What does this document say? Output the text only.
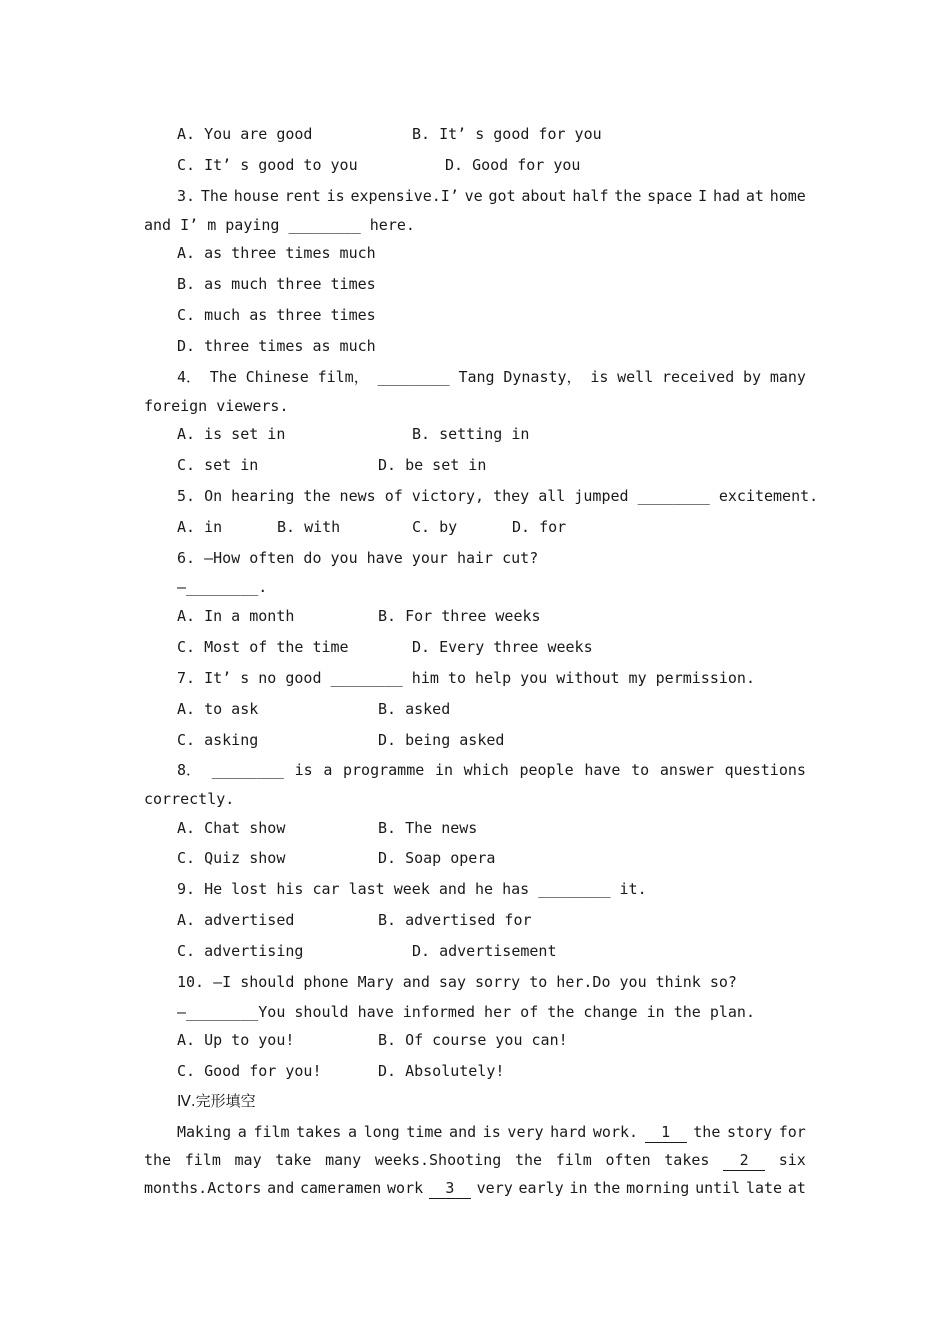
A. You are good	B. It’ s good for you
C. It’ s good to you	D. Good for you
3. The house rent is expensive.I’ ve got about half the space I had at home
and I’ m paying ________ here.
A. as three times much
B. as much three times
C. much as three times
D. three times as much
4． The Chinese film， ________ Tang Dynasty， is well received by many
foreign viewers.
A. is set in	B. setting in
C. set in	D. be set in
5. On hearing the news of victory, they all jumped ________ excitement.
A. in	B. with	C. by	D. for
6. —How often do you have your hair cut?
—________.
A. In a month	B. For three weeks
C. Most of the time	D. Every three weeks
7. It’ s no good ________ him to help you without my permission.
A. to ask	B. asked
C. asking	D. being asked
8． ________ is a programme in which people have to answer questions
correctly.
A. Chat show	B. The news
C. Quiz show	D. Soap opera
9. He lost his car last week and he has ________ it.
A. advertised	B. advertised for
C. advertising	D. advertisement
10. —I should phone Mary and say sorry to her.Do you think so?
—________You should have informed her of the change in the plan.
A. Up to you!	B. Of course you can!
C. Good for you!	D. Absolutely!
Ⅳ.完形填空
Making a film takes a long time and is very hard work.	1	the story for
the film may take many weeks.Shooting the film often takes	2	six
months.Actors and cameramen work	3	very early in the morning until late at
